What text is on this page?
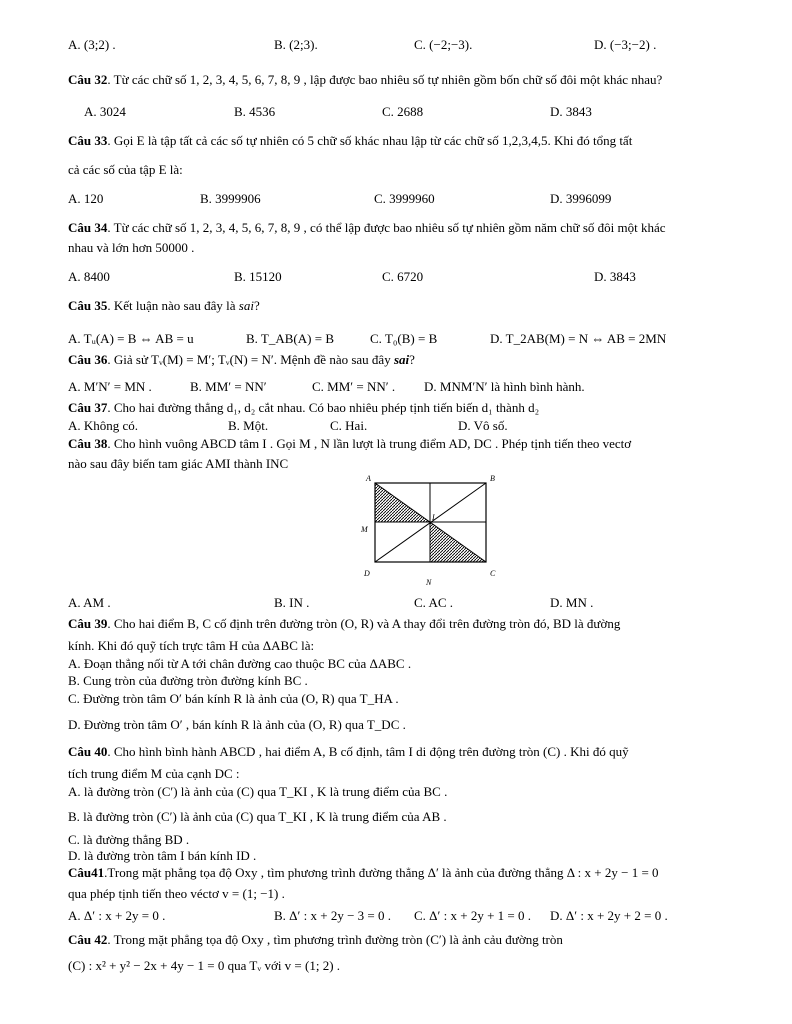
A. (3;2) .	B. (2;3).	C. (−2;−3).	D. (−3;−2) .
Câu 32. Từ các chữ số 1, 2, 3, 4, 5, 6, 7, 8, 9 , lập được bao nhiêu số tự nhiên gồm bốn chữ số đôi một khác nhau?
A. 3024	B. 4536	C. 2688	D. 3843
Câu 33. Gọi E là tập tất cả các số tự nhiên có 5 chữ số khác nhau lập từ các chữ số 1,2,3,4,5. Khi đó tổng tất
cả các số của tập E là:
A. 120	B. 3999906	C. 3999960	D. 3996099
Câu 34. Từ các chữ số 1, 2, 3, 4, 5, 6, 7, 8, 9 , có thể lập được bao nhiêu số tự nhiên gồm năm chữ số đôi một khác
nhau và lớn hơn 50000 .
A. 8400	B. 15120	C. 6720	D. 3843
Câu 35. Kết luận nào sau đây là sai?
A. Tᵤ(A) = B ⇔ AB = u	B. T_AB(A) = B	C. T₀(B) = B	D. T_2AB(M) = N ⇔ AB = 2MN
Câu 36. Giả sử Tᵥ(M) = M′; Tᵥ(N) = N′. Mệnh đề nào sau đây sai?
A. M′N′ = MN .	B. MM′ = NN′	C. MM′ = NN′ . D. MNM′N′ là hình bình hành.
Câu 37. Cho hai đường thẳng d₁, d₂ cắt nhau. Có bao nhiêu phép tịnh tiến biến d₁ thành d₂
A. Không có.	B. Một.	C. Hai.	D. Vô số.
Câu 38. Cho hình vuông ABCD tâm I . Gọi M , N lần lượt là trung điểm AD, DC . Phép tịnh tiến theo vectơ
nào sau đây biến tam giác AMI thành INC
A	B
M
I
D	C
N
A. AM .	B. IN .	C. AC .	D. MN .
Câu 39. Cho hai điểm B, C cố định trên đường tròn (O, R) và A thay đổi trên đường tròn đó, BD là đường
kính. Khi đó quỹ tích trực tâm H của ΔABC là:
A. Đoạn thẳng nối từ A tới chân đường cao thuộc BC của ΔABC .
B. Cung tròn của đường tròn đường kính BC .
C. Đường tròn tâm O′ bán kính R là ảnh của (O, R) qua T_HA .
D. Đường tròn tâm O′ , bán kính R là ảnh của (O, R) qua T_DC .
Câu 40. Cho hình bình hành ABCD , hai điểm A, B cố định, tâm I di động trên đường tròn (C) . Khi đó quỹ
tích trung điểm M của cạnh DC :
A. là đường tròn (C′) là ảnh của (C) qua T_KI , K là trung điểm của BC .
B. là đường tròn (C′) là ảnh của (C) qua T_KI , K là trung điểm của AB .
C. là đường thẳng BD .
D. là đường tròn tâm I bán kính ID .
Câu41.Trong mặt phẳng tọa độ Oxy , tìm phương trình đường thẳng Δ′ là ảnh của đường thẳng Δ : x + 2y − 1 = 0
qua phép tịnh tiến theo véctơ v = (1; −1) .
A. Δ′ : x + 2y = 0 .	B. Δ′ : x + 2y − 3 = 0 . C. Δ′ : x + 2y + 1 = 0 . D. Δ′ : x + 2y + 2 = 0 .
Câu 42. Trong mặt phẳng tọa độ Oxy , tìm phương trình đường tròn (C′) là ảnh cảu đường tròn
(C) : x² + y² − 2x + 4y − 1 = 0 qua Tᵥ với v = (1; 2) .
